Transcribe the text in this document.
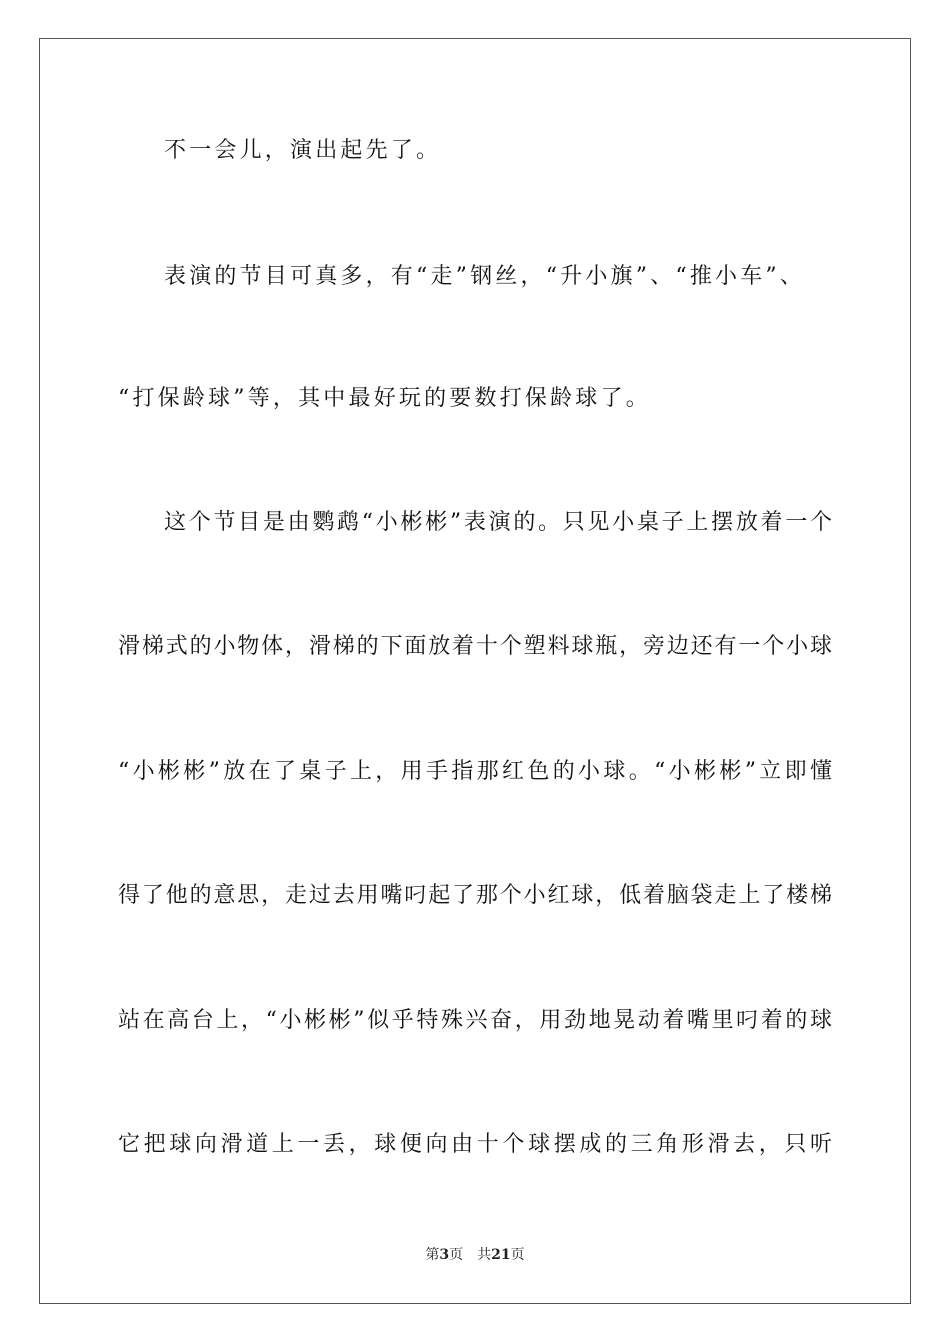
不一会儿，演出起先了。
表演的节目可真多，有“走”钢丝，“升小旗”、“推小车”、
“打保龄球”等，其中最好玩的要数打保龄球了。
这个节目是由鹦鹉“小彬彬”表演的。只见小桌子上摆放着一个
滑梯式的小物体，滑梯的下面放着十个塑料球瓶，旁边还有一个小球
“小彬彬”放在了桌子上，用手指那红色的小球。“小彬彬”立即懂
得了他的意思，走过去用嘴叼起了那个小红球，低着脑袋走上了楼梯
站在高台上，“小彬彬”似乎特殊兴奋，用劲地晃动着嘴里叼着的球
它把球向滑道上一丢，球便向由十个球摆成的三角形滑去，只听
第3页 共21页
